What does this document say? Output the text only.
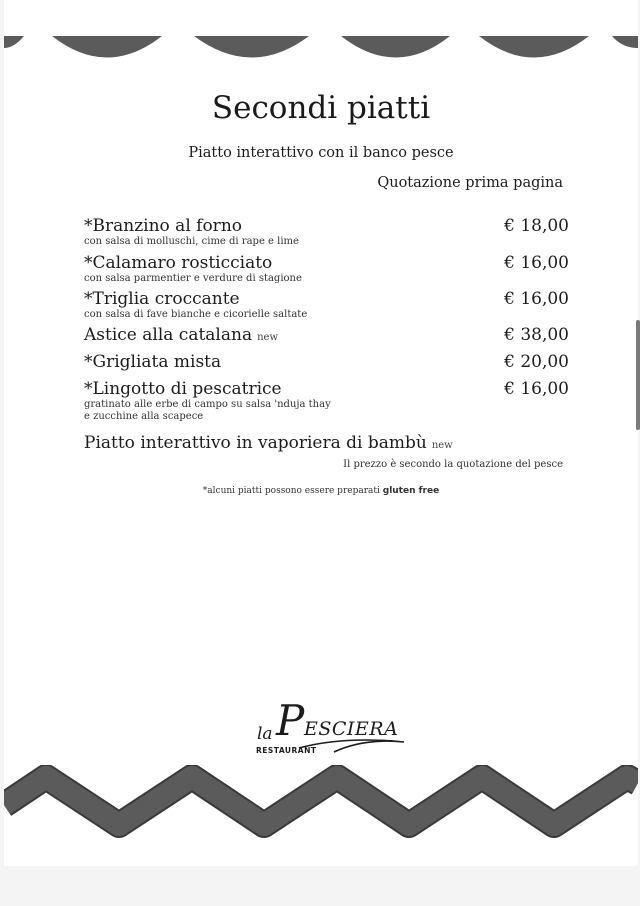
Secondi piatti
Piatto interattivo con il banco pesce
Quotazione prima pagina
*Branzino al forno	€ 18,00
con salsa di molluschi, cime di rape e lime
*Calamaro rosticciato	€ 16,00
con salsa parmentier e verdure di stagione
*Triglia croccante	€ 16,00
con salsa di fave bianche e cicorielle saltate
Astice alla catalana new	€ 38,00
*Grigliata mista	€ 20,00
*Lingotto di pescatrice	€ 16,00
gratinato alle erbe di campo su salsa 'nduja thay
e zucchine alla scapece
Piatto interattivo in vaporiera di bambù new
Il prezzo è secondo la quotazione del pesce
*alcuni piatti possono essere preparati gluten free
la P ESCIERA
RESTAURANT
